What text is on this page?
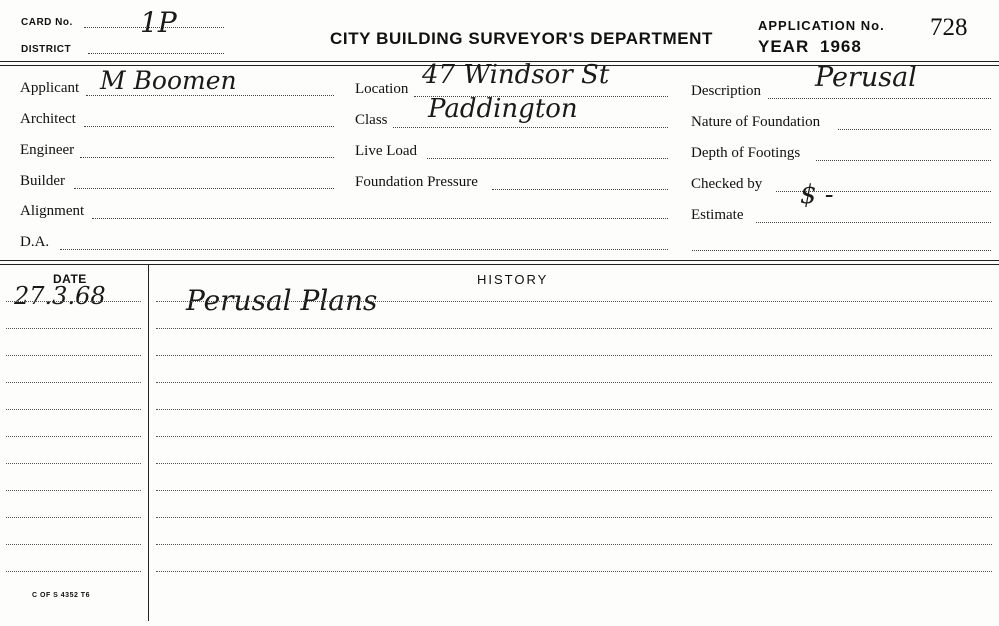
CARD No. 1P
DISTRICT
CITY BUILDING SURVEYOR'S DEPARTMENT
APPLICATION No. 728
YEAR 1968
Applicant M Boomen
Architect
Engineer
Builder
Alignment
D.A.
Location 47 Windsor St
Class Paddington
Live Load
Foundation Pressure
Description Perusal
Nature of Foundation
Depth of Footings
Checked by $ -
Estimate
DATE	HISTORY
27.3.68	Perusal Plans
C OF S 4352 T6
